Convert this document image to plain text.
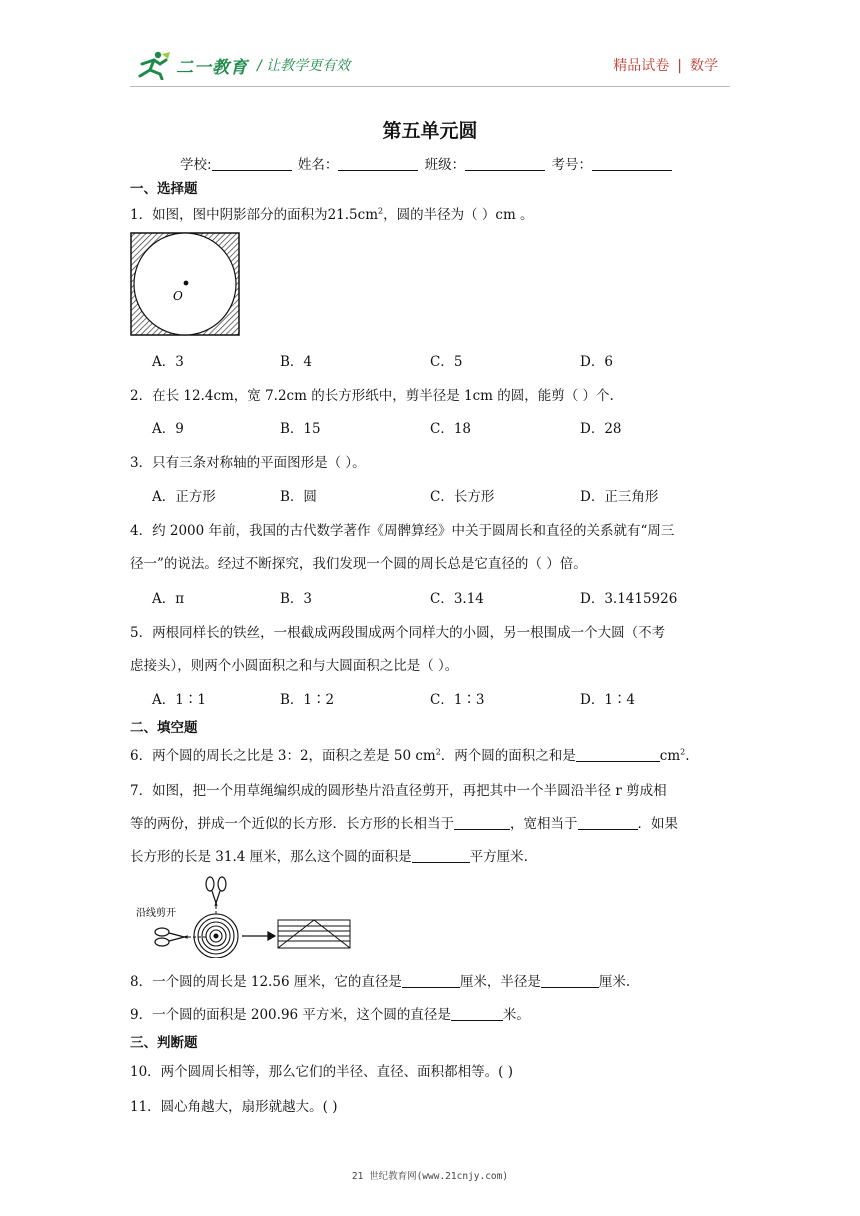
二一教育 / 让教学更有效	精品试卷 | 数学
第五单元圆
学校:	姓名：	班级：	考号：
一、选择题
1．如图，图中阴影部分的面积为$21.5cm^2$，圆的半径为（ ）cm 。
O
A．3	B．4	C．5	D．6
2．在长 12.4cm，宽 7.2cm 的长方形纸中，剪半径是 1cm 的圆，能剪（ ）个.
A．9	B．15	C．18	D．28
3．只有三条对称轴的平面图形是（ ）。
A．正方形	B．圆	C．长方形	D．正三角形
4．约 2000 年前，我国的古代数学著作《周髀算经》中关于圆周长和直径的关系就有“周三
径一”的说法。经过不断探究，我们发现一个圆的周长总是它直径的（ ）倍。
A．π	B．3	C．3.14	D．3.1415926
5．两根同样长的铁丝，一根截成两段围成两个同样大的小圆，另一根围成一个大圆（不考
虑接头），则两个小圆面积之和与大圆面积之比是（ ）。
A．1∶1	B．1∶2	C．1∶3	D．1∶4
二、填空题
6．两个圆的周长之比是 3：2，面积之差是 50 $cm^2$．两个圆的面积之和是	$cm^2$.
7．如图，把一个用草绳编织成的圆形垫片沿直径剪开，再把其中一个半圆沿半径 r 剪成相
等的两份，拼成一个近似的长方形．长方形的长相当于	，宽相当于	．如果
长方形的长是 31.4 厘米，那么这个圆的面积是	平方厘米.
沿线剪开
8．一个圆的周长是 12.56 厘米，它的直径是	厘米，半径是	厘米.
9．一个圆的面积是 200.96 平方米，这个圆的直径是	米。
三、判断题
10．两个圆周长相等，那么它们的半径、直径、面积都相等。( )
11．圆心角越大，扇形就越大。( )
21 世纪教育网(www.21cnjy.com)
